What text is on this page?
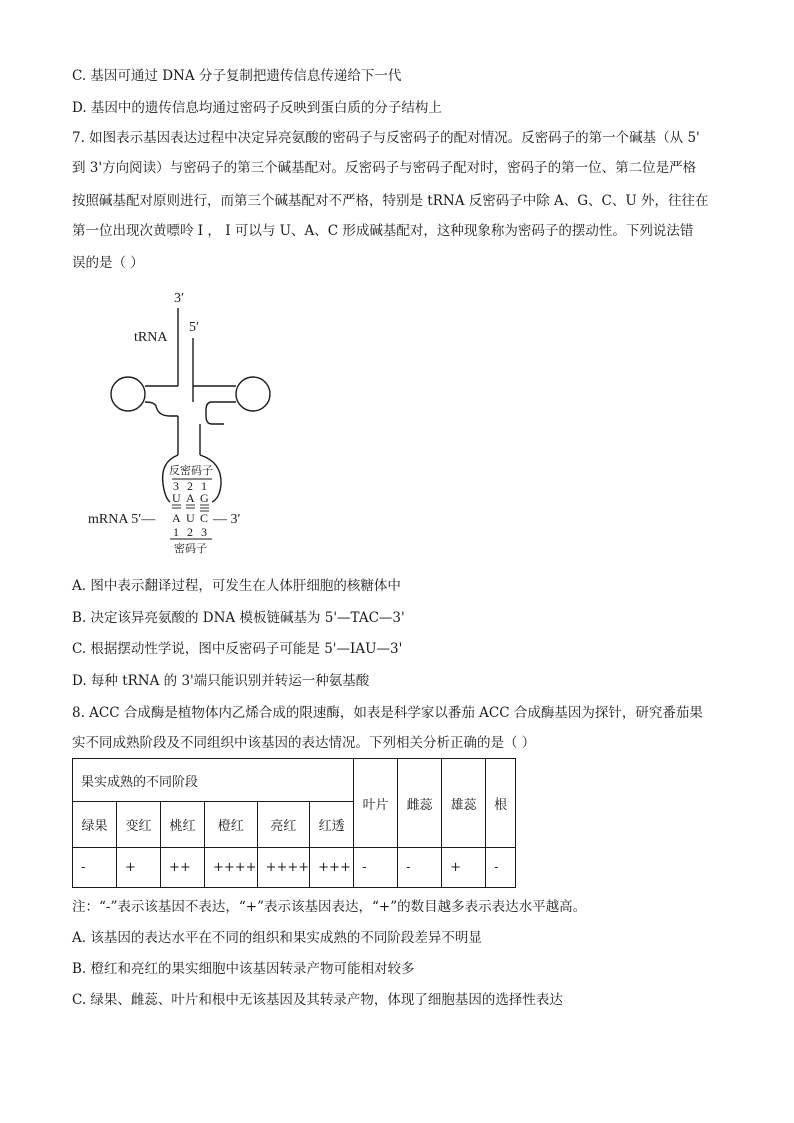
C. 基因可通过 DNA 分子复制把遗传信息传递给下一代
D. 基因中的遗传信息均通过密码子反映到蛋白质的分子结构上
7. 如图表示基因表达过程中决定异亮氨酸的密码子与反密码子的配对情况。反密码子的第一个碱基（从 5'
到 3'方向阅读）与密码子的第三个碱基配对。反密码子与密码子配对时，密码子的第一位、第二位是严格
按照碱基配对原则进行，而第三个碱基配对不严格，特别是 tRNA 反密码子中除 A、G、C、U 外，往往在
第一位出现次黄嘌呤 I ， I 可以与 U、A、C 形成碱基配对，这种现象称为密码子的摆动性。下列说法错
误的是（ ）
3′
5′
tRNA
反密码子
3 2 1
U A G
mRNA 5′— A U C — 3′
1 2 3
密码子
A. 图中表示翻译过程，可发生在人体肝细胞的核糖体中
B. 决定该异亮氨酸的 DNA 模板链碱基为 5'—TAC—3'
C. 根据摆动性学说，图中反密码子可能是 5'—IAU—3'
D. 每种 tRNA 的 3'端只能识别并转运一种氨基酸
8. ACC 合成酶是植物体内乙烯合成的限速酶，如表是科学家以番茄 ACC 合成酶基因为探针，研究番茄果
实不同成熟阶段及不同组织中该基因的表达情况。下列相关分析正确的是（ ）
果实成熟的不同阶段						叶片	雌蕊	雄蕊	根
绿果	变红	桃红	橙红	亮红	红透				
-	+	++	++++	++++	+++	-	-	+	-
注：“-”表示该基因不表达，“+”表示该基因表达，“+”的数目越多表示表达水平越高。
A. 该基因的表达水平在不同的组织和果实成熟的不同阶段差异不明显
B. 橙红和亮红的果实细胞中该基因转录产物可能相对较多
C. 绿果、雌蕊、叶片和根中无该基因及其转录产物，体现了细胞基因的选择性表达
